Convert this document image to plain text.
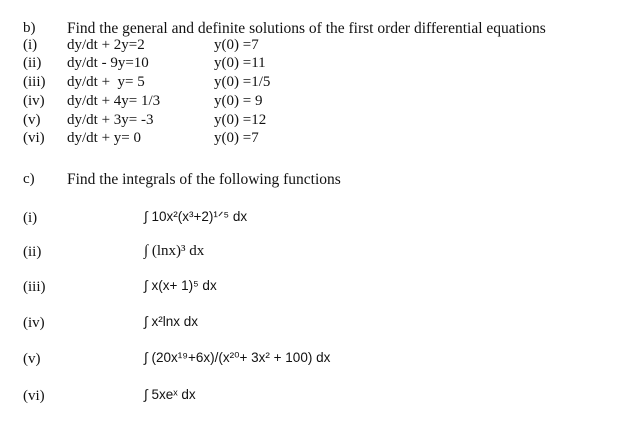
b) Find the general and definite solutions of the first order differential equations
(i) dy/dt + 2y=2	y(0) =7
(ii) dy/dt - 9y=10	y(0) =11
(iii) dy/dt +  y= 5	y(0) =1/5
(iv) dy/dt + 4y= 1/3	y(0) = 9
(v) dy/dt + 3y= -3	y(0) =12
(vi) dy/dt + y= 0	y(0) =7
c) Find the integrals of the following functions
(i)	∫ 10x²(x³+2)¹ᐟ⁵ dx
(ii)	∫ (lnx)³ dx
(iii)	∫ x(x+ 1)⁵ dx
(iv)	∫ x²lnx dx
(v)	∫ (20x¹⁹+6x)/(x²⁰+ 3x² + 100) dx
(vi)	∫ 5xeˣ dx
